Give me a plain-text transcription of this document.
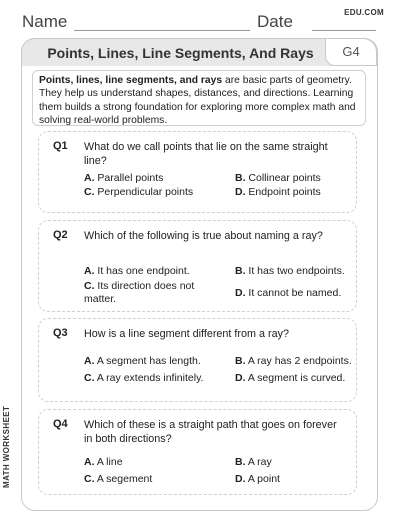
Name	Date	EDU.COM
MATH WORKSHEET
Points, Lines, Line Segments, And Rays	G4
Points, lines, line segments, and rays are basic parts of geometry. They help us understand shapes, distances, and directions. Learning them builds a strong foundation for exploring more complex math and solving real-world problems.
Q1 What do we call points that lie on the same straight line?
A. Parallel points	B. Collinear points
C. Perpendicular points	D. Endpoint points
Q2 Which of the following is true about naming a ray?
A. It has one endpoint.	B. It has two endpoints.
C. Its direction does not matter.	D. It cannot be named.
Q3 How is a line segment different from a ray?
A. A segment has length.	B. A ray has 2 endpoints.
C. A ray extends infinitely.	D. A segment is curved.
Q4 Which of these is a straight path that goes on forever in both directions?
A. A line	B. A ray
C. A segement	D. A point
